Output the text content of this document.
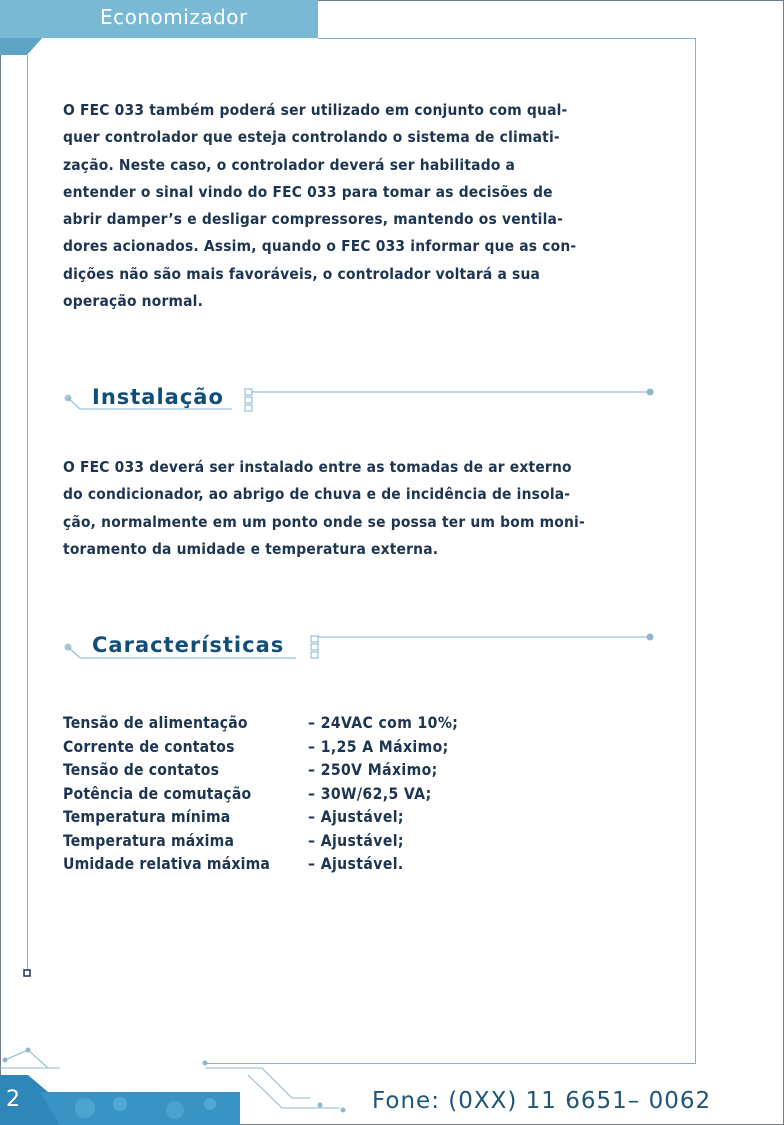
Economizador
O FEC 033 também poderá ser utilizado em conjunto com qual-
quer controlador que esteja controlando o sistema de climati-
zação. Neste caso, o controlador deverá ser habilitado a
entender o sinal vindo do FEC 033 para tomar as decisões de
abrir damper’s e desligar compressores, mantendo os ventila-
dores acionados. Assim, quando o FEC 033 informar que as con-
dições não são mais favoráveis, o controlador voltará a sua
operação normal.
Instalação
O FEC 033 deverá ser instalado entre as tomadas de ar externo
do condicionador, ao abrigo de chuva e de incidência de insola-
ção, normalmente em um ponto onde se possa ter um bom moni-
toramento da umidade e temperatura externa.
Características
Tensão de alimentação	– 24VAC com 10%;
Corrente de contatos	– 1,25 A Máximo;
Tensão de contatos	– 250V Máximo;
Potência de comutação	– 30W/62,5 VA;
Temperatura mínima	– Ajustável;
Temperatura máxima	– Ajustável;
Umidade relativa máxima	– Ajustável.
2	Fone: (0XX) 11 6651– 0062
